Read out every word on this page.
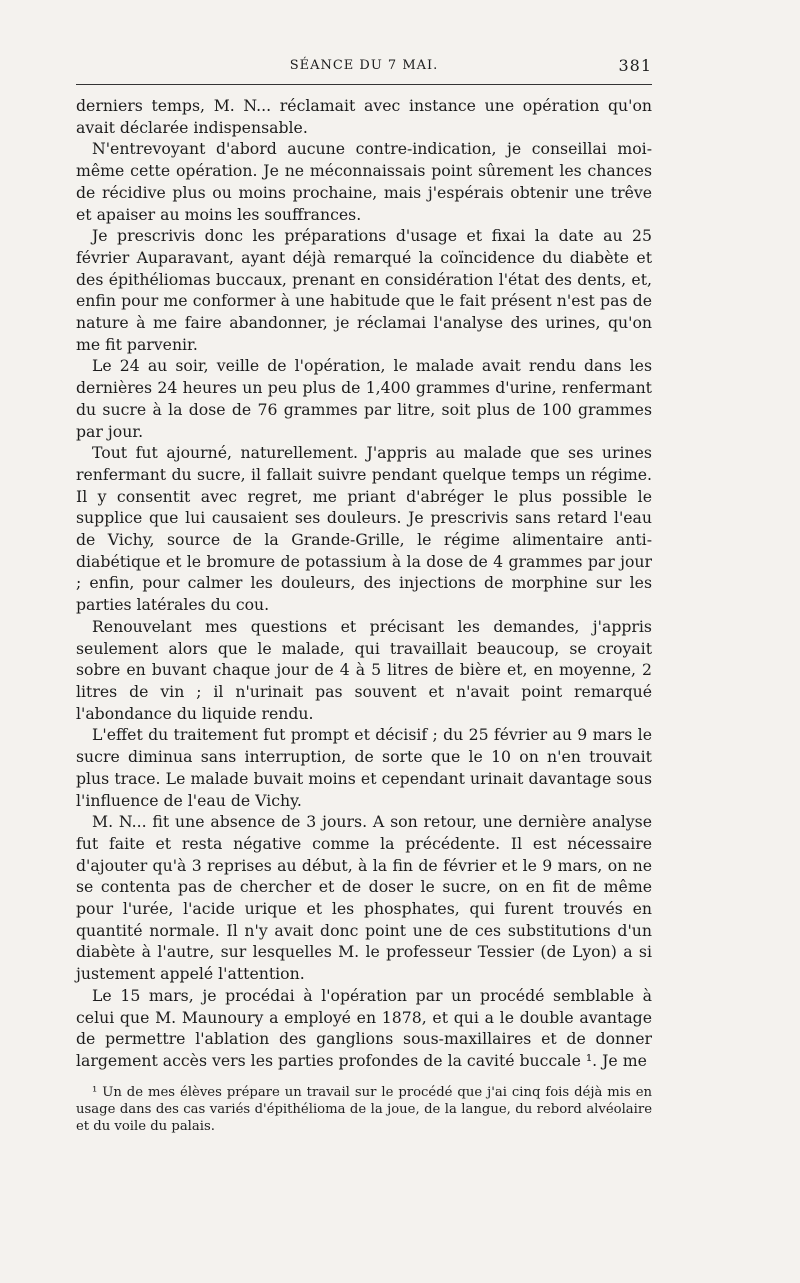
SÉANCE DU 7 MAI.	381

derniers temps, M. N... réclamait avec instance une opération qu'on avait déclarée indispensable.

N'entrevoyant d'abord aucune contre-indication, je conseillai moi-même cette opération. Je ne méconnaissais point sûrement les chances de récidive plus ou moins prochaine, mais j'espérais obtenir une trêve et apaiser au moins les souffrances.

Je prescrivis donc les préparations d'usage et fixai la date au 25 février Auparavant, ayant déjà remarqué la coïncidence du diabète et des épithéliomas buccaux, prenant en considération l'état des dents, et, enfin pour me conformer à une habitude que le fait présent n'est pas de nature à me faire abandonner, je réclamai l'analyse des urines, qu'on me fit parvenir.

Le 24 au soir, veille de l'opération, le malade avait rendu dans les dernières 24 heures un peu plus de 1,400 grammes d'urine, renfermant du sucre à la dose de 76 grammes par litre, soit plus de 100 grammes par jour.

Tout fut ajourné, naturellement. J'appris au malade que ses urines renfermant du sucre, il fallait suivre pendant quelque temps un régime. Il y consentit avec regret, me priant d'abréger le plus possible le supplice que lui causaient ses douleurs. Je prescrivis sans retard l'eau de Vichy, source de la Grande-Grille, le régime alimentaire anti-diabétique et le bromure de potassium à la dose de 4 grammes par jour ; enfin, pour calmer les douleurs, des injections de morphine sur les parties latérales du cou.

Renouvelant mes questions et précisant les demandes, j'appris seulement alors que le malade, qui travaillait beaucoup, se croyait sobre en buvant chaque jour de 4 à 5 litres de bière et, en moyenne, 2 litres de vin ; il n'urinait pas souvent et n'avait point remarqué l'abondance du liquide rendu.

L'effet du traitement fut prompt et décisif ; du 25 février au 9 mars le sucre diminua sans interruption, de sorte que le 10 on n'en trouvait plus trace. Le malade buvait moins et cependant urinait davantage sous l'influence de l'eau de Vichy.

M. N... fit une absence de 3 jours. A son retour, une dernière analyse fut faite et resta négative comme la précédente. Il est nécessaire d'ajouter qu'à 3 reprises au début, à la fin de février et le 9 mars, on ne se contenta pas de chercher et de doser le sucre, on en fit de même pour l'urée, l'acide urique et les phosphates, qui furent trouvés en quantité normale. Il n'y avait donc point une de ces substitutions d'un diabète à l'autre, sur lesquelles M. le professeur Tessier (de Lyon) a si justement appelé l'attention.

Le 15 mars, je procédai à l'opération par un procédé semblable à celui que M. Maunoury a employé en 1878, et qui a le double avantage de permettre l'ablation des ganglions sous-maxillaires et de donner largement accès vers les parties profondes de la cavité buccale ¹. Je me

¹ Un de mes élèves prépare un travail sur le procédé que j'ai cinq fois déjà mis en usage dans des cas variés d'épithélioma de la joue, de la langue, du rebord alvéolaire et du voile du palais.
